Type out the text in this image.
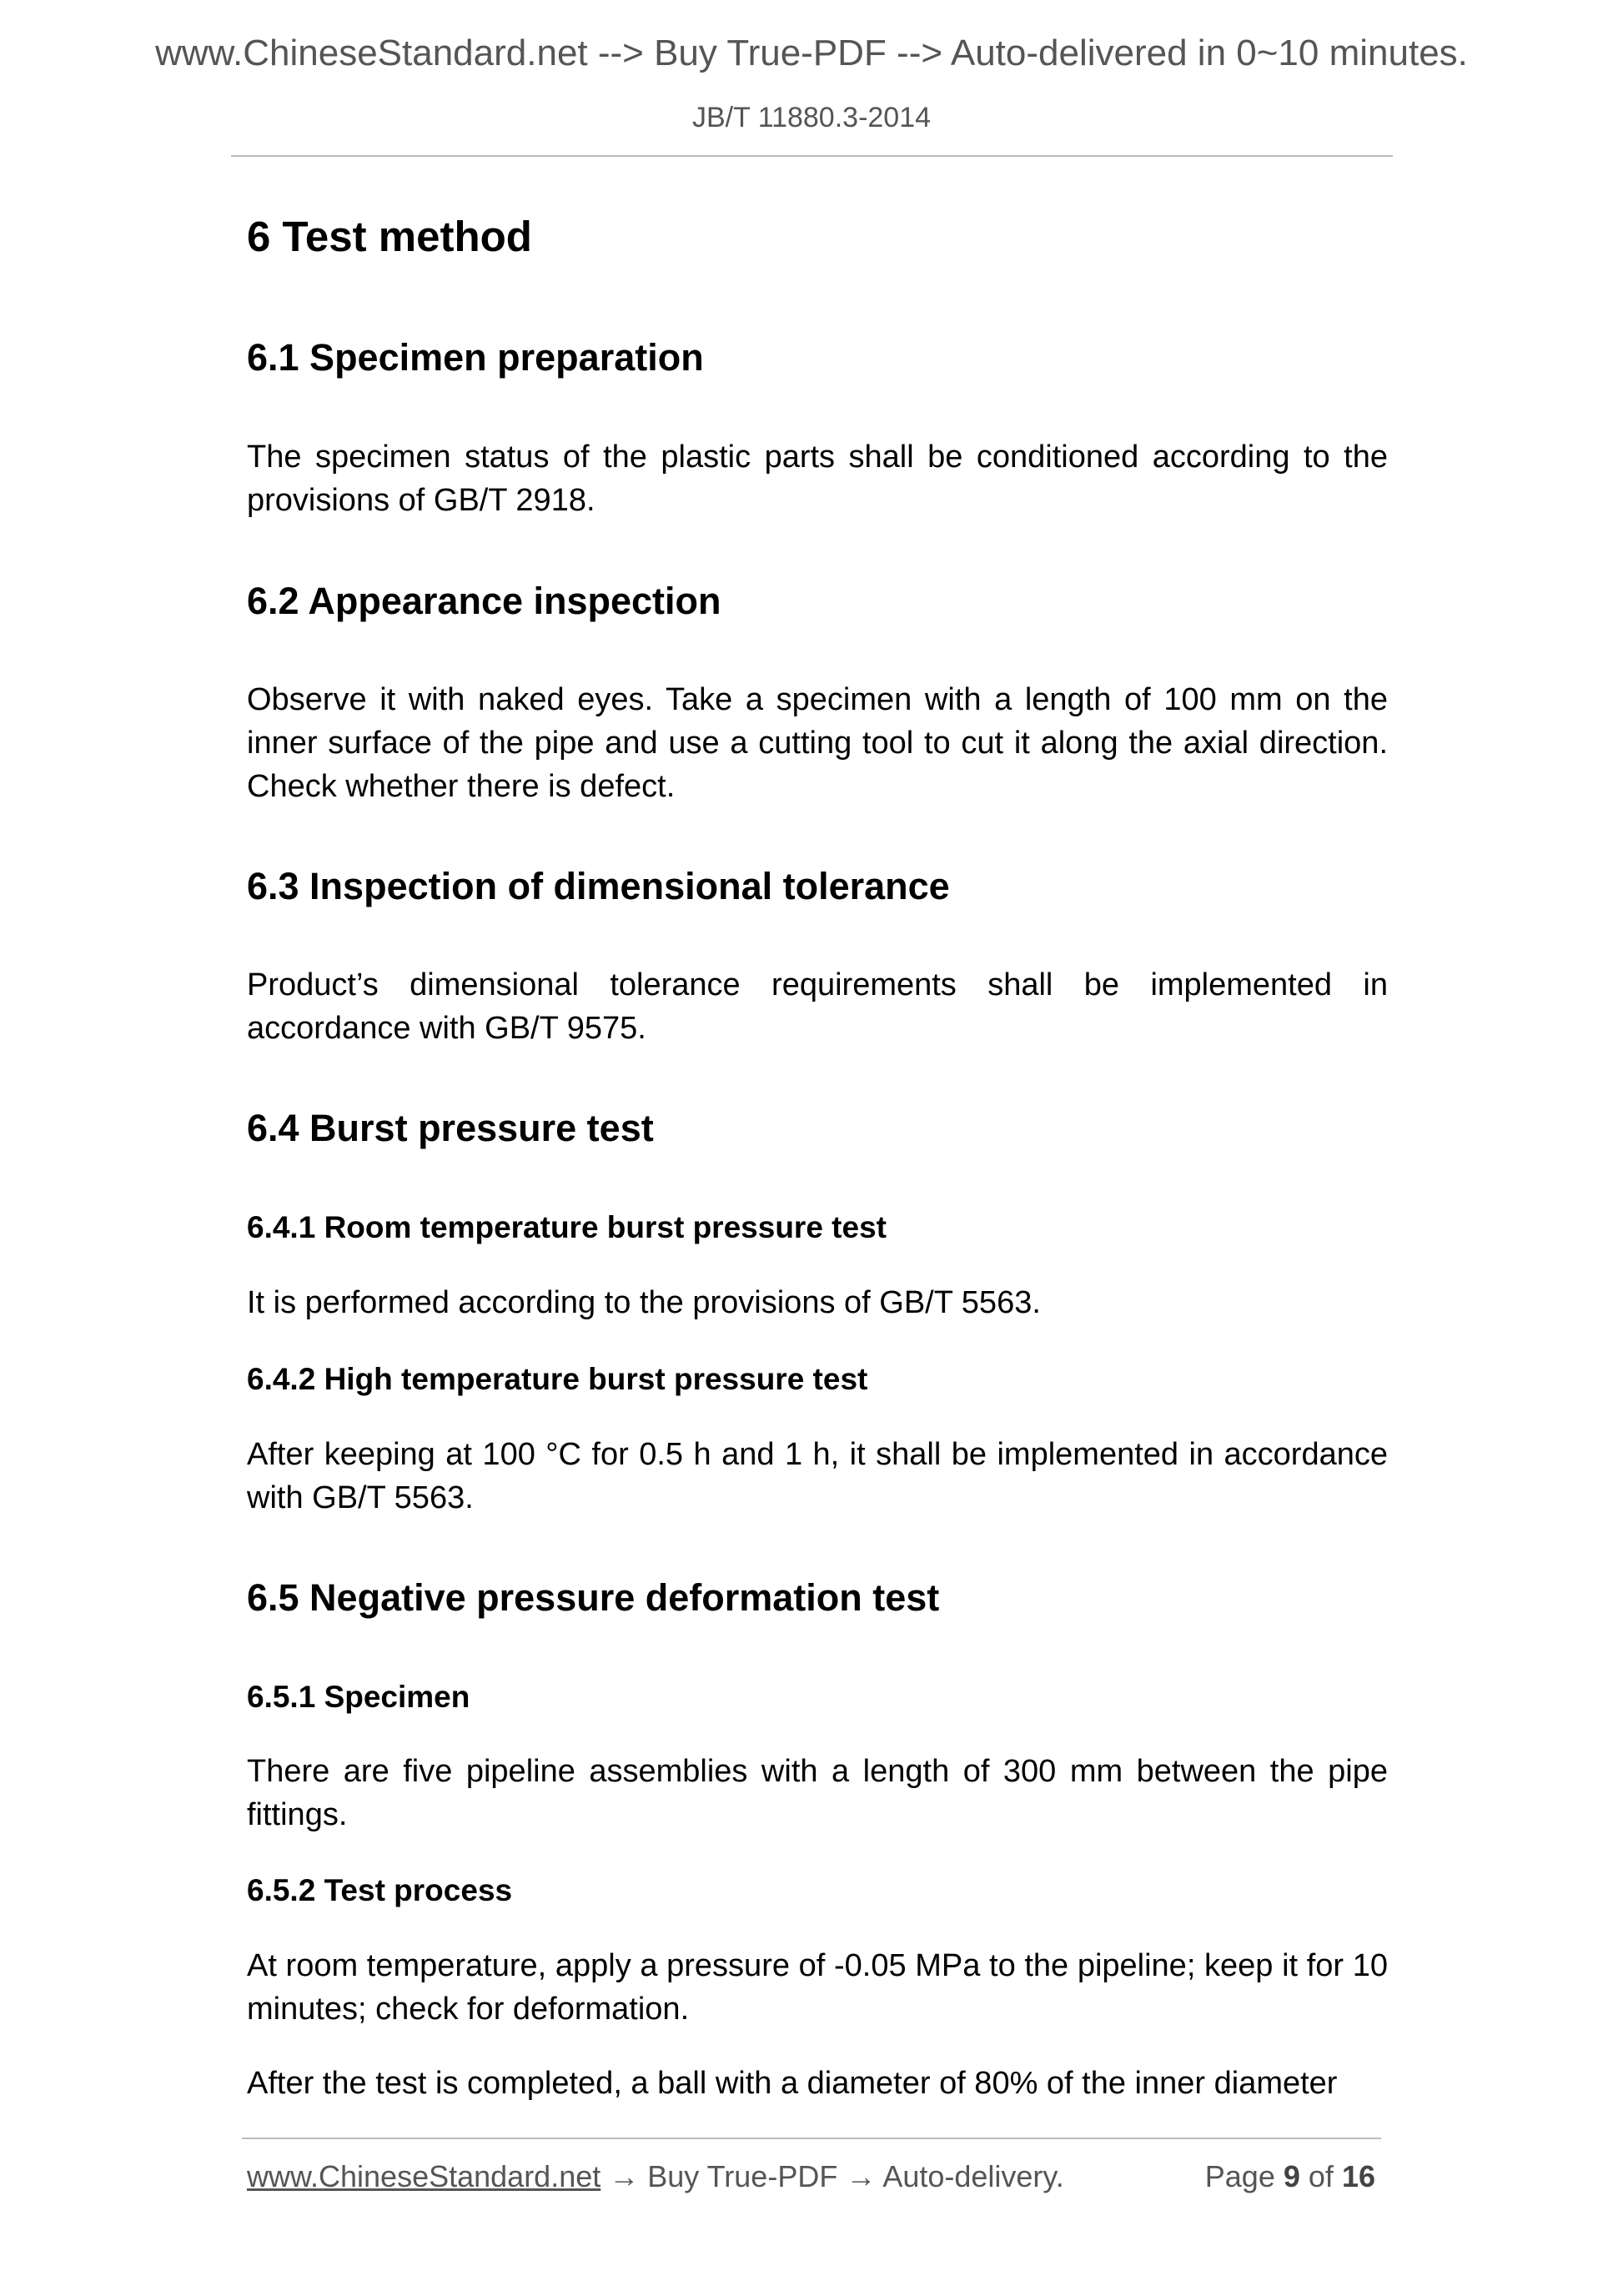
www.ChineseStandard.net --> Buy True-PDF --> Auto-delivered in 0~10 minutes.
JB/T 11880.3-2014
6 Test method
6.1 Specimen preparation

The specimen status of the plastic parts shall be conditioned according to the provisions of GB/T 2918.

6.2 Appearance inspection

Observe it with naked eyes. Take a specimen with a length of 100 mm on the inner surface of the pipe and use a cutting tool to cut it along the axial direction. Check whether there is defect.

6.3 Inspection of dimensional tolerance

Product’s dimensional tolerance requirements shall be implemented in accordance with GB/T 9575.

6.4 Burst pressure test
6.4.1 Room temperature burst pressure test

It is performed according to the provisions of GB/T 5563.

6.4.2 High temperature burst pressure test

After keeping at 100 °C for 0.5 h and 1 h, it shall be implemented in accordance with GB/T 5563.

6.5 Negative pressure deformation test
6.5.1 Specimen

There are five pipeline assemblies with a length of 300 mm between the pipe fittings.

6.5.2 Test process

At room temperature, apply a pressure of -0.05 MPa to the pipeline; keep it for 10 minutes; check for deformation.

After the test is completed, a ball with a diameter of 80% of the inner diameter

www.ChineseStandard.net → Buy True-PDF → Auto-delivery.	Page 9 of 16
